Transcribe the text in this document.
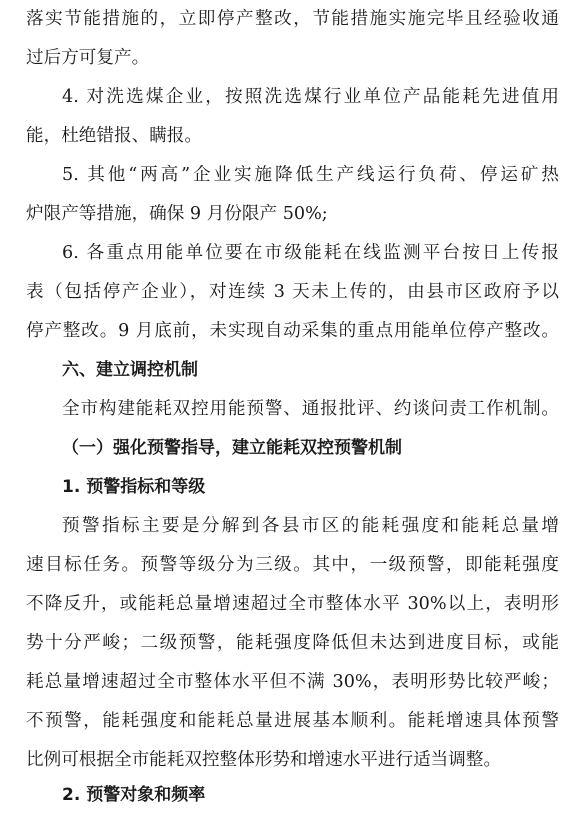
落实节能措施的，立即停产整改，节能措施实施完毕且经验收通
过后方可复产。
4. 对洗选煤企业，按照洗选煤行业单位产品能耗先进值用
能，杜绝错报、瞒报。
5. 其他“两高”企业实施降低生产线运行负荷、停运矿热
炉限产等措施，确保 9 月份限产 50%;
6. 各重点用能单位要在市级能耗在线监测平台按日上传报
表（包括停产企业），对连续 3 天未上传的，由县市区政府予以
停产整改。9 月底前，未实现自动采集的重点用能单位停产整改。
六、建立调控机制
全市构建能耗双控用能预警、通报批评、约谈问责工作机制。
（一）强化预警指导，建立能耗双控预警机制
1. 预警指标和等级
预警指标主要是分解到各县市区的能耗强度和能耗总量增
速目标任务。预警等级分为三级。其中，一级预警，即能耗强度
不降反升，或能耗总量增速超过全市整体水平 30%以上，表明形
势十分严峻；二级预警，能耗强度降低但未达到进度目标，或能
耗总量增速超过全市整体水平但不满 30%，表明形势比较严峻；
不预警，能耗强度和能耗总量进展基本顺利。能耗增速具体预警
比例可根据全市能耗双控整体形势和增速水平进行适当调整。
2. 预警对象和频率
